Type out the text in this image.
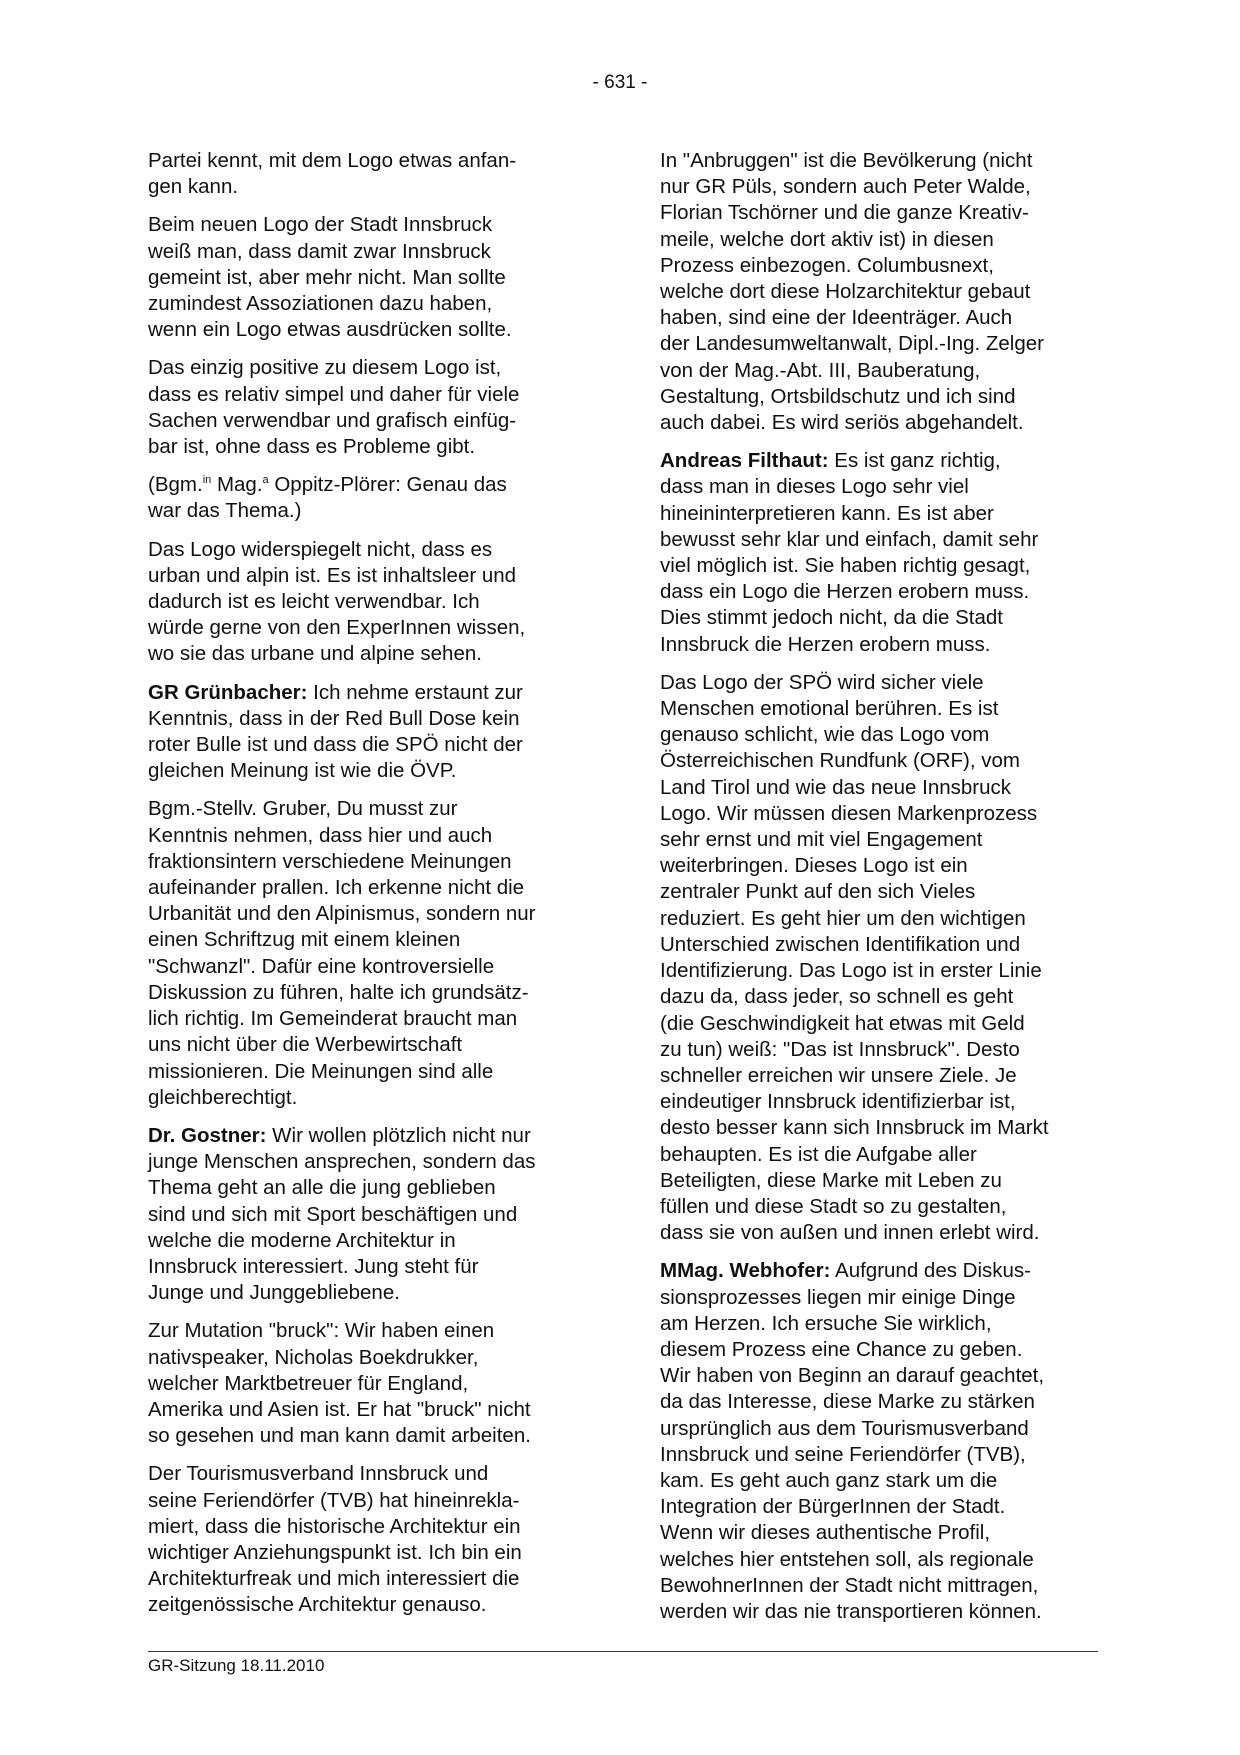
- 631 -

Partei kennt, mit dem Logo etwas anfan-
gen kann.

Beim neuen Logo der Stadt Innsbruck
weiß man, dass damit zwar Innsbruck
gemeint ist, aber mehr nicht. Man sollte
zumindest Assoziationen dazu haben,
wenn ein Logo etwas ausdrücken sollte.

Das einzig positive zu diesem Logo ist,
dass es relativ simpel und daher für viele
Sachen verwendbar und grafisch einfüg-
bar ist, ohne dass es Probleme gibt.

(Bgm.$^{in}$ Mag.$^a$ Oppitz-Plörer: Genau das
war das Thema.)

Das Logo widerspiegelt nicht, dass es
urban und alpin ist. Es ist inhaltsleer und
dadurch ist es leicht verwendbar. Ich
würde gerne von den ExperInnen wissen,
wo sie das urbane und alpine sehen.

GR Grünbacher: Ich nehme erstaunt zur
Kenntnis, dass in der Red Bull Dose kein
roter Bulle ist und dass die SPÖ nicht der
gleichen Meinung ist wie die ÖVP.

Bgm.-Stellv. Gruber, Du musst zur
Kenntnis nehmen, dass hier und auch
fraktionsintern verschiedene Meinungen
aufeinander prallen. Ich erkenne nicht die
Urbanität und den Alpinismus, sondern nur
einen Schriftzug mit einem kleinen
"Schwanzl". Dafür eine kontroversielle
Diskussion zu führen, halte ich grundsätz-
lich richtig. Im Gemeinderat braucht man
uns nicht über die Werbewirtschaft
missionieren. Die Meinungen sind alle
gleichberechtigt.

Dr. Gostner: Wir wollen plötzlich nicht nur
junge Menschen ansprechen, sondern das
Thema geht an alle die jung geblieben
sind und sich mit Sport beschäftigen und
welche die moderne Architektur in
Innsbruck interessiert. Jung steht für
Junge und Junggebliebene.

Zur Mutation "bruck": Wir haben einen
nativspeaker, Nicholas Boekdrukker,
welcher Marktbetreuer für England,
Amerika und Asien ist. Er hat "bruck" nicht
so gesehen und man kann damit arbeiten.

Der Tourismusverband Innsbruck und
seine Feriendörfer (TVB) hat hineinrekla-
miert, dass die historische Architektur ein
wichtiger Anziehungspunkt ist. Ich bin ein
Architekturfreak und mich interessiert die
zeitgenössische Architektur genauso.

In "Anbruggen" ist die Bevölkerung (nicht
nur GR Püls, sondern auch Peter Walde,
Florian Tschörner und die ganze Kreativ-
meile, welche dort aktiv ist) in diesen
Prozess einbezogen. Columbusnext,
welche dort diese Holzarchitektur gebaut
haben, sind eine der Ideenträger. Auch
der Landesumweltanwalt, Dipl.-Ing. Zelger
von der Mag.-Abt. III, Bauberatung,
Gestaltung, Ortsbildschutz und ich sind
auch dabei. Es wird seriös abgehandelt.

Andreas Filthaut: Es ist ganz richtig,
dass man in dieses Logo sehr viel
hineininterpretieren kann. Es ist aber
bewusst sehr klar und einfach, damit sehr
viel möglich ist. Sie haben richtig gesagt,
dass ein Logo die Herzen erobern muss.
Dies stimmt jedoch nicht, da die Stadt
Innsbruck die Herzen erobern muss.

Das Logo der SPÖ wird sicher viele
Menschen emotional berühren. Es ist
genauso schlicht, wie das Logo vom
Österreichischen Rundfunk (ORF), vom
Land Tirol und wie das neue Innsbruck
Logo. Wir müssen diesen Markenprozess
sehr ernst und mit viel Engagement
weiterbringen. Dieses Logo ist ein
zentraler Punkt auf den sich Vieles
reduziert. Es geht hier um den wichtigen
Unterschied zwischen Identifikation und
Identifizierung. Das Logo ist in erster Linie
dazu da, dass jeder, so schnell es geht
(die Geschwindigkeit hat etwas mit Geld
zu tun) weiß: "Das ist Innsbruck". Desto
schneller erreichen wir unsere Ziele. Je
eindeutiger Innsbruck identifizierbar ist,
desto besser kann sich Innsbruck im Markt
behaupten. Es ist die Aufgabe aller
Beteiligten, diese Marke mit Leben zu
füllen und diese Stadt so zu gestalten,
dass sie von außen und innen erlebt wird.

MMag. Webhofer: Aufgrund des Diskus-
sionsprozesses liegen mir einige Dinge
am Herzen. Ich ersuche Sie wirklich,
diesem Prozess eine Chance zu geben.
Wir haben von Beginn an darauf geachtet,
da das Interesse, diese Marke zu stärken
ursprünglich aus dem Tourismusverband
Innsbruck und seine Feriendörfer (TVB),
kam. Es geht auch ganz stark um die
Integration der BürgerInnen der Stadt.
Wenn wir dieses authentische Profil,
welches hier entstehen soll, als regionale
BewohnerInnen der Stadt nicht mittragen,
werden wir das nie transportieren können.

GR-Sitzung 18.11.2010
